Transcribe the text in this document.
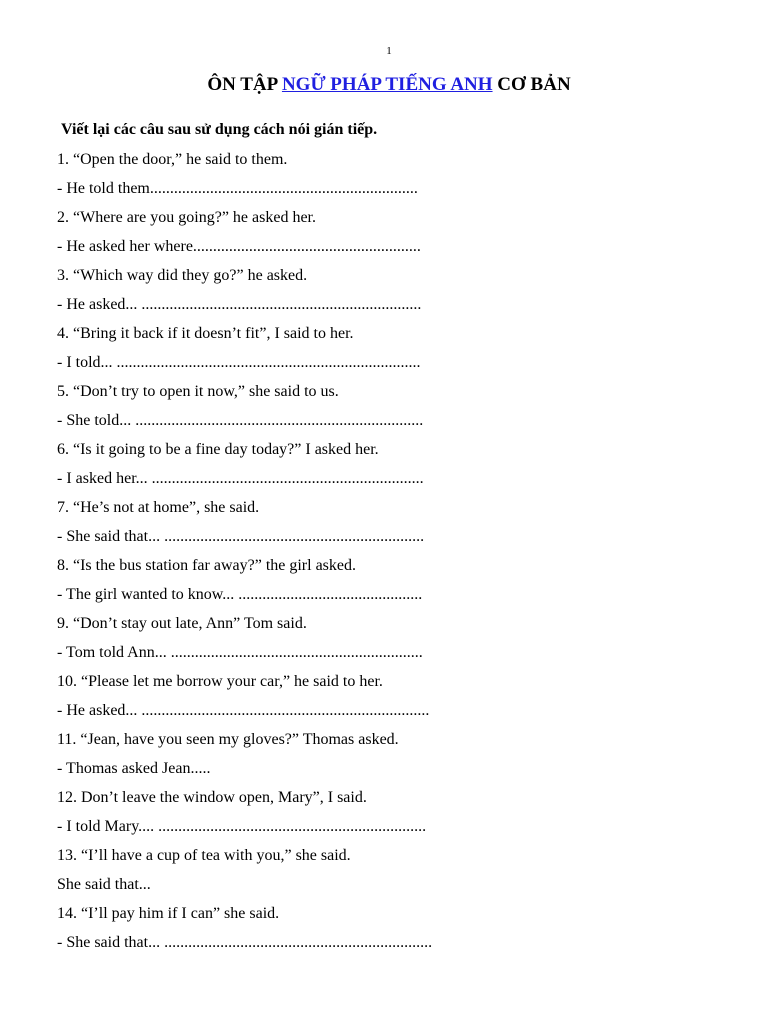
1
ÔN TẬP NGỮ PHÁP TIẾNG ANH CƠ BẢN
Viết lại các câu sau sử dụng cách nói gián tiếp.
1. “Open the door,” he said to them.
- He told them...................................................................
2. “Where are you going?” he asked her.
- He asked her where.........................................................
3. “Which way did they go?” he asked.
- He asked... ......................................................................
4. “Bring it back if it doesn’t fit”, I said to her.
- I told... ............................................................................
5. “Don’t try to open it now,” she said to us.
- She told... ........................................................................
6. “Is it going to be a fine day today?” I asked her.
- I asked her... ....................................................................
7. “He’s not at home”, she said.
- She said that... .................................................................
8. “Is the bus station far away?” the girl asked.
- The girl wanted to know... ..............................................
9. “Don’t stay out late, Ann” Tom said.
- Tom told Ann... ...............................................................
10. “Please let me borrow your car,” he said to her.
- He asked... ........................................................................
11. “Jean, have you seen my gloves?” Thomas asked.
- Thomas asked Jean.....
12. Don’t leave the window open, Mary”, I said.
- I told Mary.... ...................................................................
13. “I’ll have a cup of tea with you,” she said.
She said that...
14. “I’ll pay him if I can” she said.
- She said that... ...................................................................
